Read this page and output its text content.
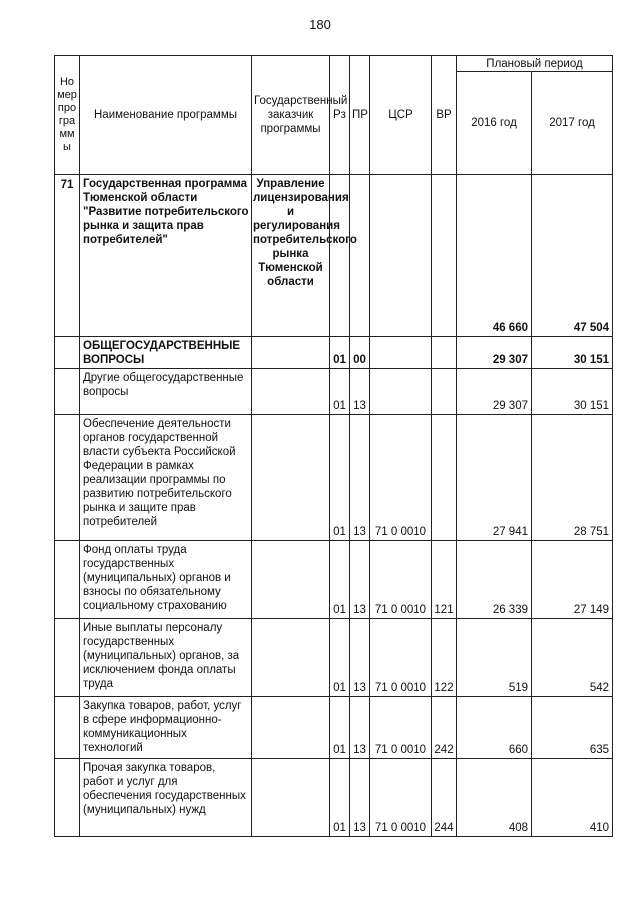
180
Номер программы	Наименование программы	Государственный заказчик программы	Рз	ПР	ЦСР	ВР	Плановый период	
							2016 год	2017 год
71	Государственная программа Тюменской области "Развитие потребительского рынка и защита прав потребителей"	Управление лицензирования и регулирования потребительского рынка Тюменской области					46 660	47 504
	ОБЩЕГОСУДАРСТВЕННЫЕ ВОПРОСЫ		01	00			29 307	30 151
	Другие общегосударственные вопросы		01	13			29 307	30 151
	Обеспечение деятельности органов государственной власти субъекта Российской Федерации в рамках реализации программы по развитию потребительского рынка и защите прав потребителей		01	13	71 0 0010		27 941	28 751
	Фонд оплаты труда государственных (муниципальных) органов и взносы по обязательному социальному страхованию		01	13	71 0 0010	121	26 339	27 149
	Иные выплаты персоналу государственных (муниципальных) органов, за исключением фонда оплаты труда		01	13	71 0 0010	122	519	542
	Закупка товаров, работ, услуг в сфере информационно-коммуникационных технологий		01	13	71 0 0010	242	660	635
	Прочая закупка товаров, работ и услуг для обеспечения государственных (муниципальных) нужд		01	13	71 0 0010	244	408	410
